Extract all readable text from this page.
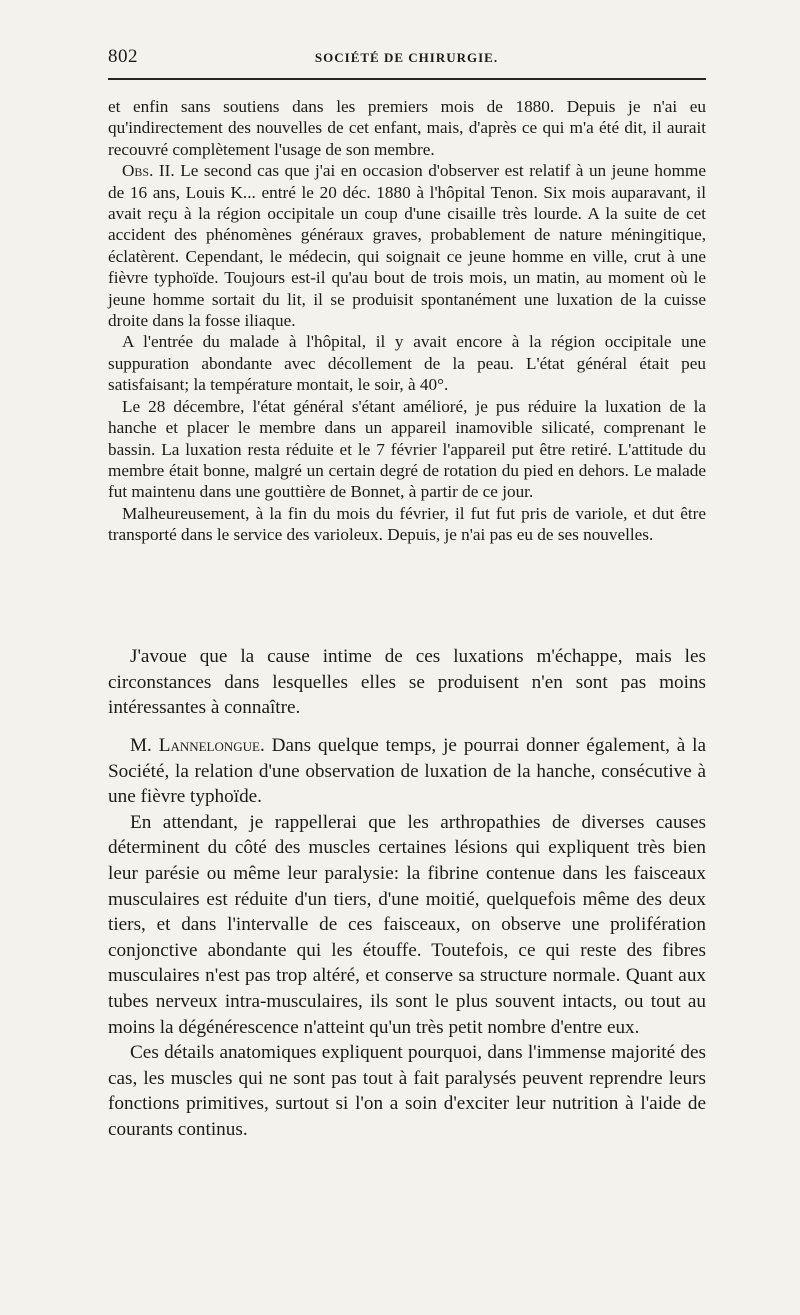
802	SOCIÉTÉ DE CHIRURGIE.

et enfin sans soutiens dans les premiers mois de 1880. Depuis je n'ai eu qu'indirectement des nouvelles de cet enfant, mais, d'après ce qui m'a été dit, il aurait recouvré complètement l'usage de son membre.

Obs. II. Le second cas que j'ai en occasion d'observer est relatif à un jeune homme de 16 ans, Louis K... entré le 20 déc. 1880 à l'hôpital Tenon. Six mois auparavant, il avait reçu à la région occipitale un coup d'une cisaille très lourde. A la suite de cet accident des phénomènes généraux graves, probablement de nature méningitique, éclatèrent. Cependant, le médecin, qui soignait ce jeune homme en ville, crut à une fièvre typhoïde. Toujours est-il qu'au bout de trois mois, un matin, au moment où le jeune homme sortait du lit, il se produisit spontanément une luxation de la cuisse droite dans la fosse iliaque.

A l'entrée du malade à l'hôpital, il y avait encore à la région occipitale une suppuration abondante avec décollement de la peau. L'état général était peu satisfaisant; la température montait, le soir, à 40°.

Le 28 décembre, l'état général s'étant amélioré, je pus réduire la luxation de la hanche et placer le membre dans un appareil inamovible silicaté, comprenant le bassin. La luxation resta réduite et le 7 février l'appareil put être retiré. L'attitude du membre était bonne, malgré un certain degré de rotation du pied en dehors. Le malade fut maintenu dans une gouttière de Bonnet, à partir de ce jour.

Malheureusement, à la fin du mois du février, il fut fut pris de variole, et dut être transporté dans le service des varioleux. Depuis, je n'ai pas eu de ses nouvelles.

J'avoue que la cause intime de ces luxations m'échappe, mais les circonstances dans lesquelles elles se produisent n'en sont pas moins intéressantes à connaître.

M. Lannelongue. Dans quelque temps, je pourrai donner également, à la Société, la relation d'une observation de luxation de la hanche, consécutive à une fièvre typhoïde.

En attendant, je rappellerai que les arthropathies de diverses causes déterminent du côté des muscles certaines lésions qui expliquent très bien leur parésie ou même leur paralysie: la fibrine contenue dans les faisceaux musculaires est réduite d'un tiers, d'une moitié, quelquefois même des deux tiers, et dans l'intervalle de ces faisceaux, on observe une prolifération conjonctive abondante qui les étouffe. Toutefois, ce qui reste des fibres musculaires n'est pas trop altéré, et conserve sa structure normale. Quant aux tubes nerveux intra-musculaires, ils sont le plus souvent intacts, ou tout au moins la dégénérescence n'atteint qu'un très petit nombre d'entre eux.

Ces détails anatomiques expliquent pourquoi, dans l'immense majorité des cas, les muscles qui ne sont pas tout à fait paralysés peuvent reprendre leurs fonctions primitives, surtout si l'on a soin d'exciter leur nutrition à l'aide de courants continus.
